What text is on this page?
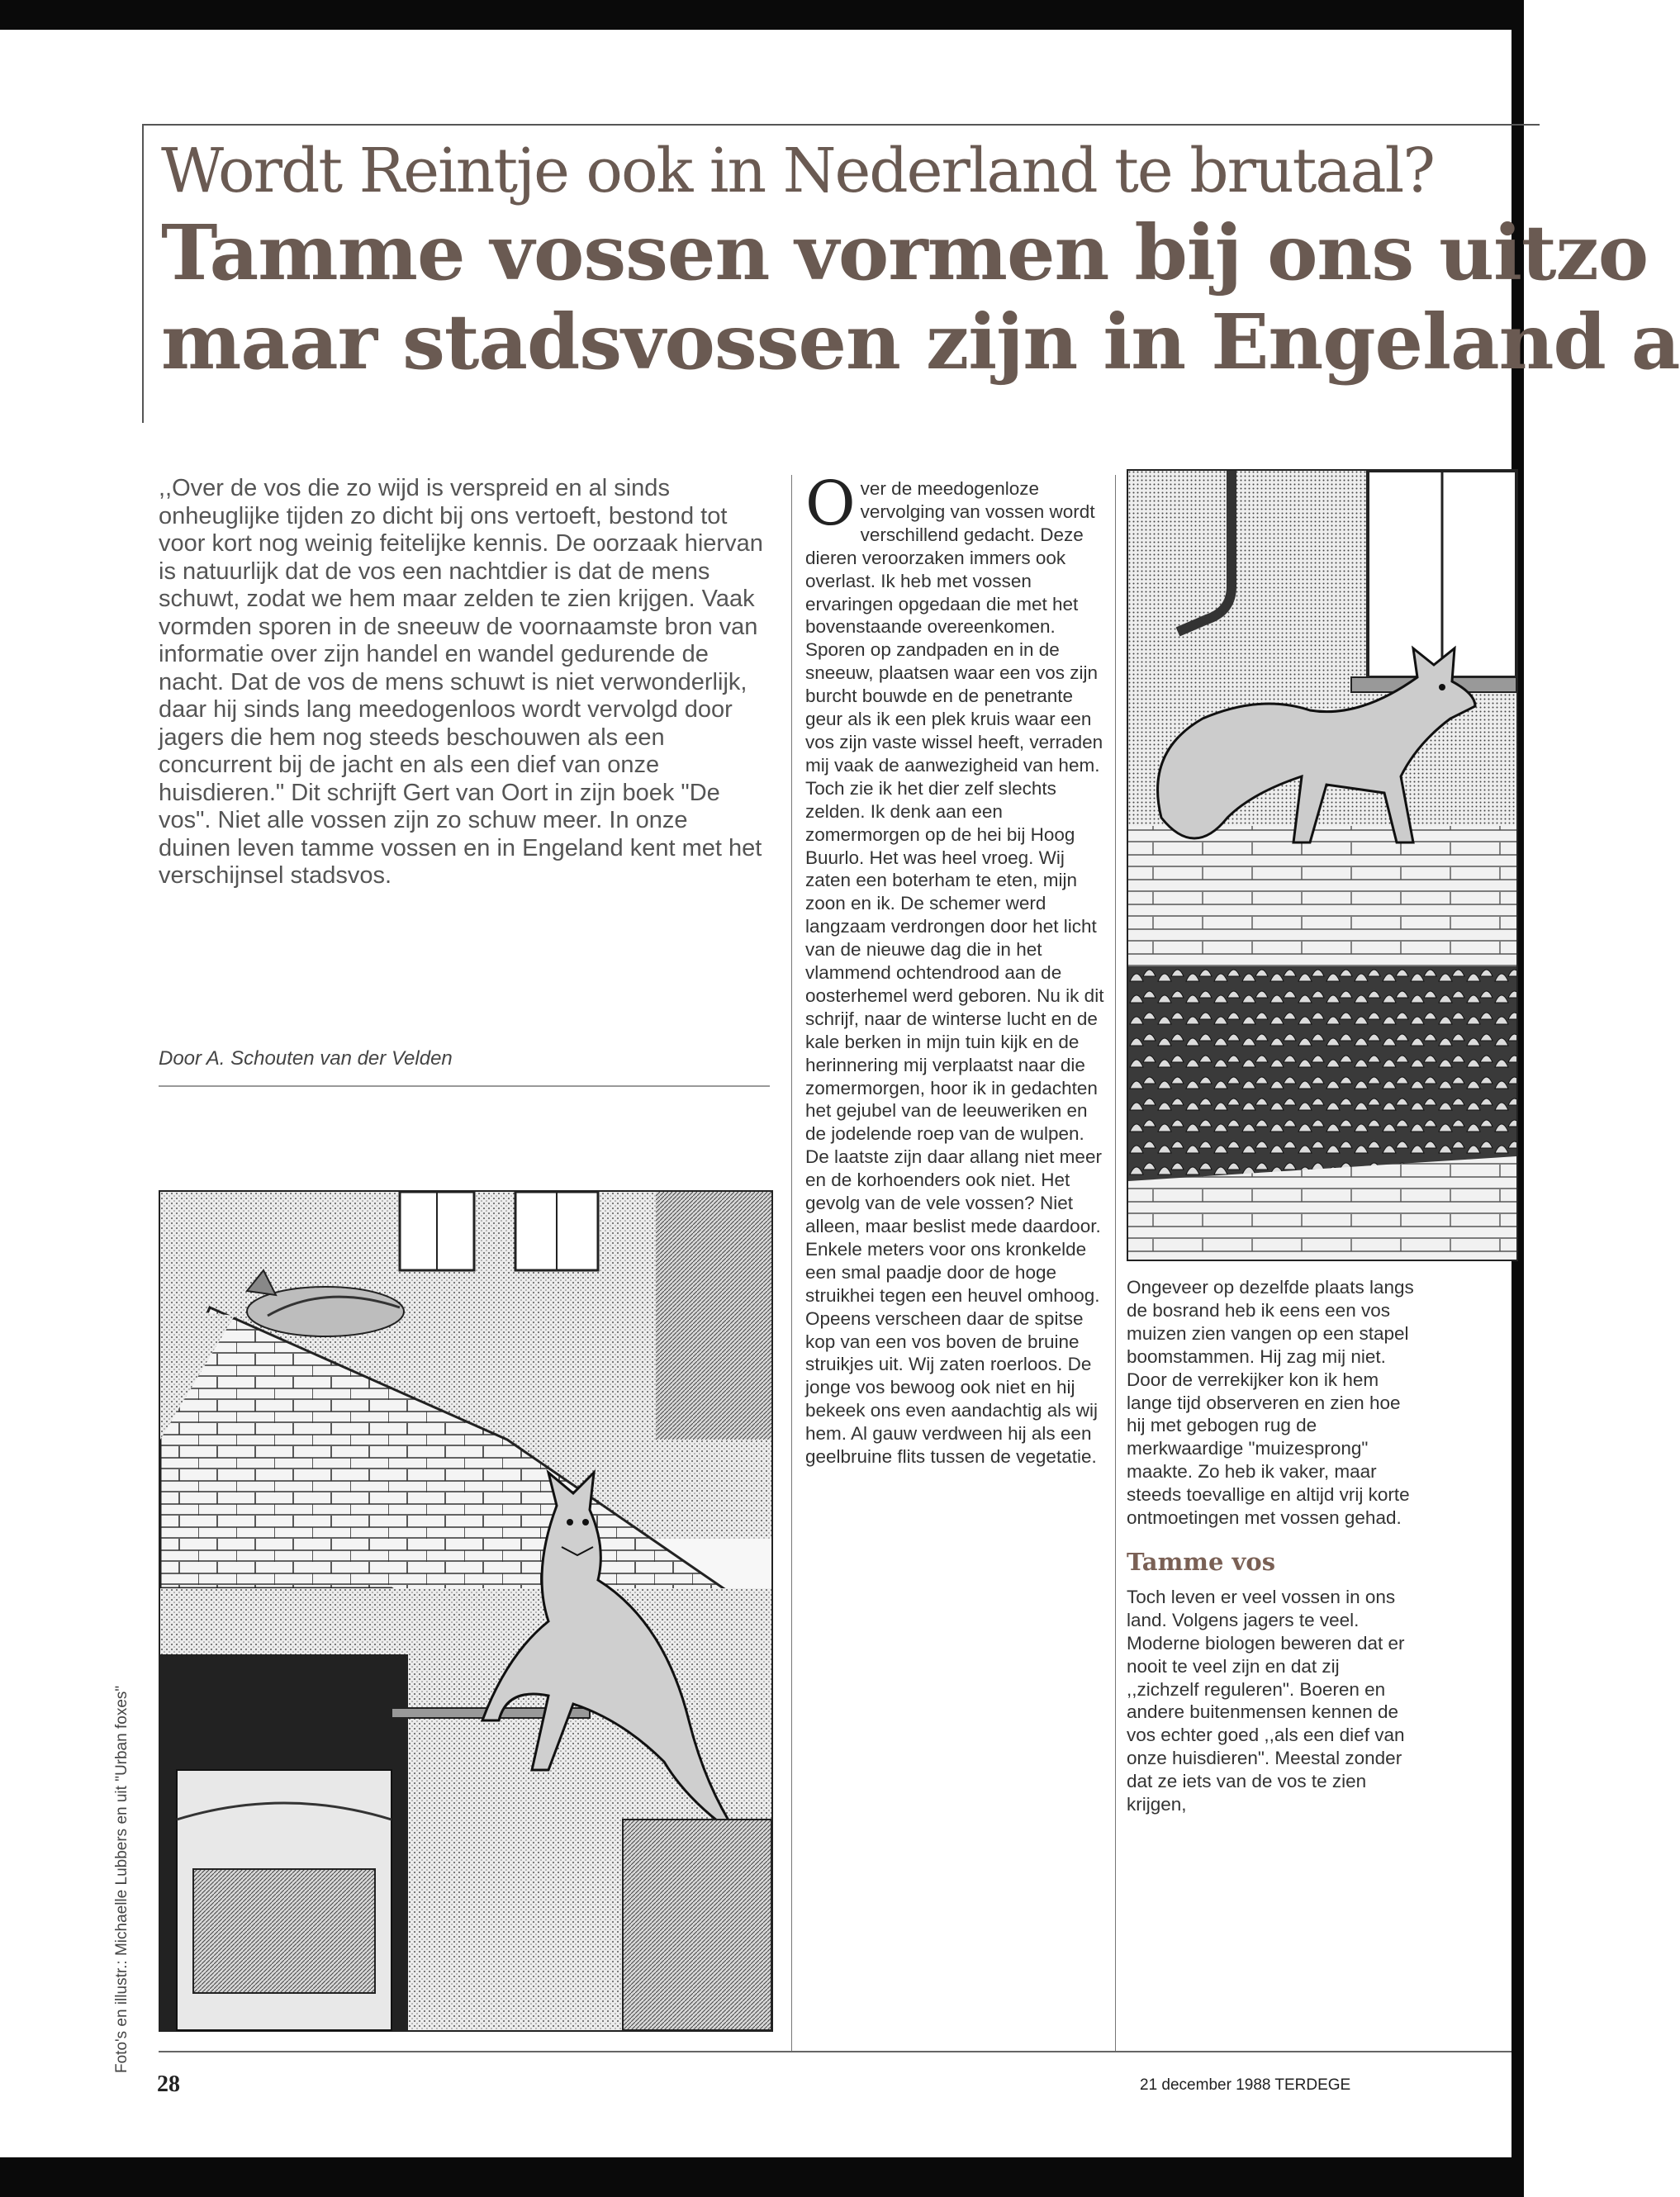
Wordt Reintje ook in Nederland te brutaal?
Tamme vossen vormen bij ons uitzo
maar stadsvossen zijn in Engeland a
,,Over de vos die zo wijd is verspreid en al sinds onheuglijke tijden zo dicht bij ons vertoeft, bestond tot voor kort nog weinig feitelijke kennis. De oorzaak hiervan is natuurlijk dat de vos een nachtdier is dat de mens schuwt, zodat we hem maar zelden te zien krijgen. Vaak vormden sporen in de sneeuw de voornaamste bron van informatie over zijn handel en wandel gedurende de nacht. Dat de vos de mens schuwt is niet verwonderlijk, daar hij sinds lang meedogenloos wordt vervolgd door jagers die hem nog steeds beschouwen als een concurrent bij de jacht en als een dief van onze huisdieren." Dit schrijft Gert van Oort in zijn boek "De vos". Niet alle vossen zijn zo schuw meer. In onze duinen leven tamme vossen en in Engeland kent met het verschijnsel stadsvos.
Door A. Schouten van der Velden
Over de meedogenloze vervolging van vossen wordt verschillend gedacht. Deze dieren veroorzaken immers ook overlast. Ik heb met vossen ervaringen opgedaan die met het bovenstaande overeenkomen. Sporen op zandpaden en in de sneeuw, plaatsen waar een vos zijn burcht bouwde en de penetrante geur als ik een plek kruis waar een vos zijn vaste wissel heeft, verraden mij vaak de aanwezigheid van hem. Toch zie ik het dier zelf slechts zelden. Ik denk aan een zomermorgen op de hei bij Hoog Buurlo. Het was heel vroeg. Wij zaten een boterham te eten, mijn zoon en ik. De schemer werd langzaam verdrongen door het licht van de nieuwe dag die in het vlammend ochtendrood aan de oosterhemel werd geboren. Nu ik dit schrijf, naar de winterse lucht en de kale berken in mijn tuin kijk en de herinnering mij verplaatst naar die zomermorgen, hoor ik in gedachten het gejubel van de leeuweriken en de jodelende roep van de wulpen. De laatste zijn daar allang niet meer en de korhoenders ook niet. Het gevolg van de vele vossen? Niet alleen, maar beslist mede daardoor. Enkele meters voor ons kronkelde een smal paadje door de hoge struikhei tegen een heuvel omhoog. Opeens verscheen daar de spitse kop van een vos boven de bruine struikjes uit. Wij zaten roerloos. De jonge vos bewoog ook niet en hij bekeek ons even aandachtig als wij hem. Al gauw verdween hij als een geelbruine flits tussen de vegetatie.

Ongeveer op dezelfde plaats langs de bosrand heb ik eens een vos muizen zien vangen op een stapel boomstammen. Hij zag mij niet. Door de verrekijker kon ik hem lange tijd observeren en zien hoe hij met gebogen rug de merkwaardige "muizesprong" maakte. Zo heb ik vaker, maar steeds toevallige en altijd vrij korte ontmoetingen met vossen gehad.

Tamme vos

Toch leven er veel vossen in ons land. Volgens jagers te veel. Moderne biologen beweren dat er nooit te veel zijn en dat zij ,,zichzelf reguleren". Boeren en andere buitenmensen kennen de vos echter goed ,,als een dief van onze huisdieren". Meestal zonder dat ze iets van de vos te zien krijgen,

Foto's en illustr.: Michaelle Lubbers en uit "Urban foxes"
28	21 december 1988 TERDEGE
